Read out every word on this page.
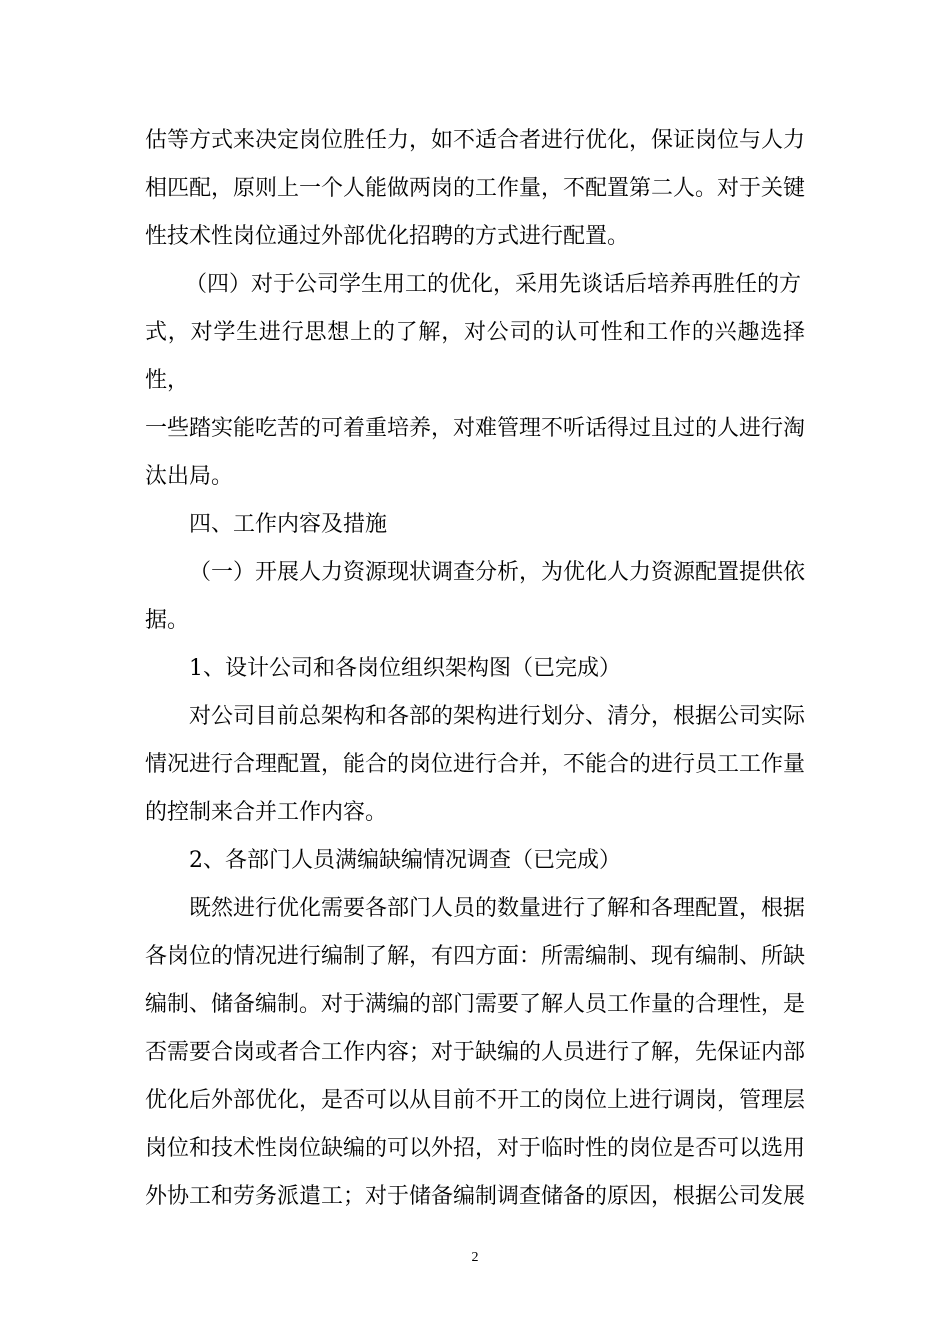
估等方式来决定岗位胜任力，如不适合者进行优化，保证岗位与人力

相匹配，原则上一个人能做两岗的工作量，不配置第二人。对于关键

性技术性岗位通过外部优化招聘的方式进行配置。

（四）对于公司学生用工的优化，采用先谈话后培养再胜任的方

式，对学生进行思想上的了解，对公司的认可性和工作的兴趣选择性，

一些踏实能吃苦的可着重培养，对难管理不听话得过且过的人进行淘

汰出局。

四、工作内容及措施

（一）开展人力资源现状调查分析，为优化人力资源配置提供依

据。

1、设计公司和各岗位组织架构图（已完成）

对公司目前总架构和各部的架构进行划分、清分，根据公司实际

情况进行合理配置，能合的岗位进行合并，不能合的进行员工工作量

的控制来合并工作内容。

2、各部门人员满编缺编情况调查（已完成）

既然进行优化需要各部门人员的数量进行了解和各理配置，根据

各岗位的情况进行编制了解，有四方面：所需编制、现有编制、所缺

编制、储备编制。对于满编的部门需要了解人员工作量的合理性，是

否需要合岗或者合工作内容；对于缺编的人员进行了解，先保证内部

优化后外部优化，是否可以从目前不开工的岗位上进行调岗，管理层

岗位和技术性岗位缺编的可以外招，对于临时性的岗位是否可以选用

外协工和劳务派遣工；对于储备编制调查储备的原因，根据公司发展

2
